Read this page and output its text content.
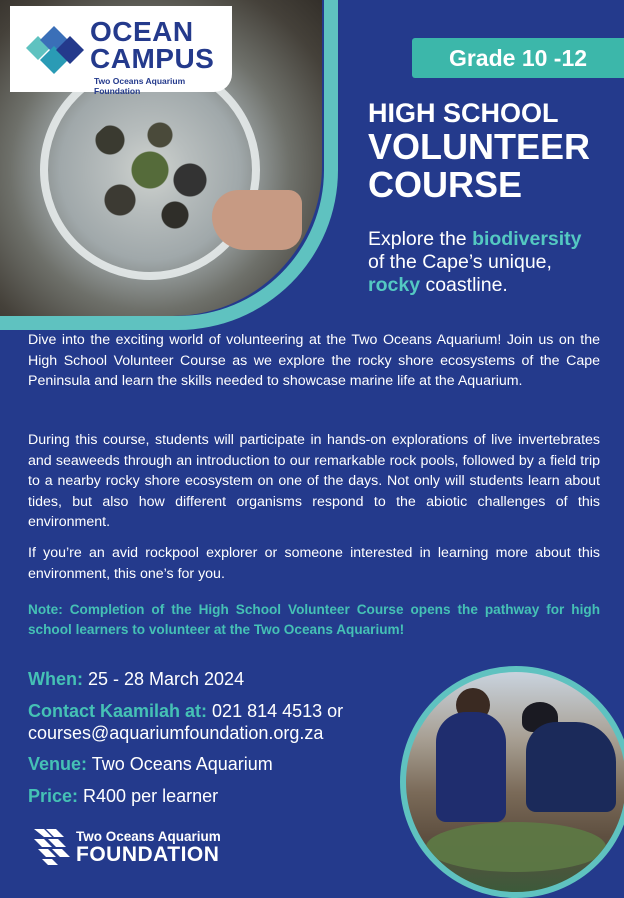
OCEAN
CAMPUS
Two Oceans Aquarium Foundation
Grade 10 -12
HIGH SCHOOL
VOLUNTEER
COURSE
Explore the biodiversity
of the Cape’s unique,
rocky coastline.

Dive into the exciting world of volunteering at the Two Oceans Aquarium! Join us on the High School Volunteer Course as we explore the rocky shore ecosystems of the Cape Peninsula and learn the skills needed to showcase marine life at the Aquarium.

During this course, students will participate in hands-on explorations of live invertebrates and seaweeds through an introduction to our remarkable rock pools, followed by a field trip to a nearby rocky shore ecosystem on one of the days. Not only will students learn about tides, but also how different organisms respond to the abiotic challenges of this environment.

If you’re an avid rockpool explorer or someone interested in learning more about this environment, this one’s for you.

Note: Completion of the High School Volunteer Course opens the pathway for high school learners to volunteer at the Two Oceans Aquarium!

When: 25 - 28 March 2024
Contact Kaamilah at: 021 814 4513 or
courses@aquariumfoundation.org.za
Venue: Two Oceans Aquarium
Price: R400 per learner
Two Oceans Aquarium
FOUNDATION
